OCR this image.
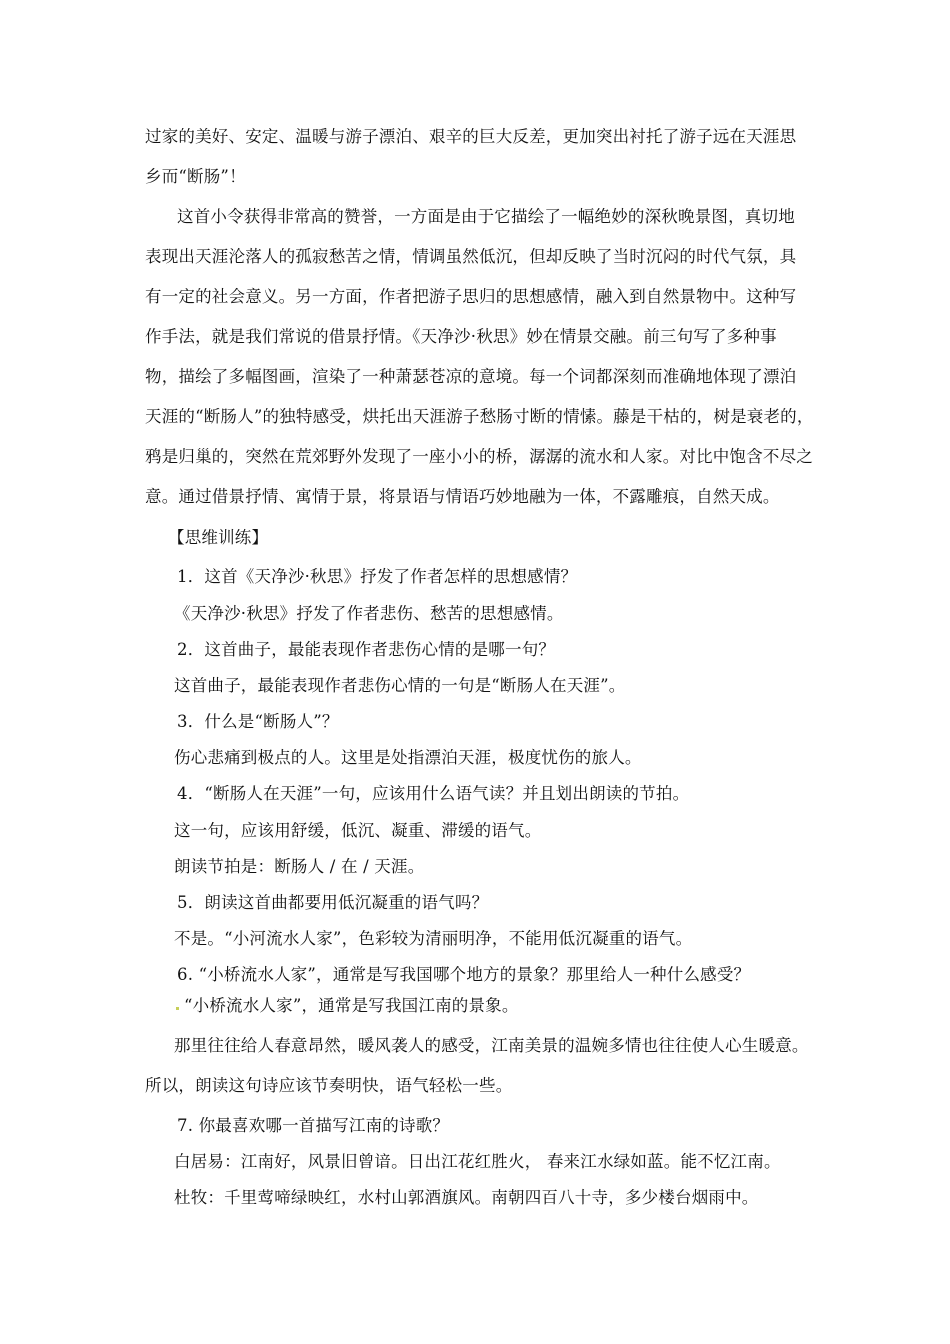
过家的美好、安定、温暖与游子漂泊、艰辛的巨大反差，更加突出衬托了游子远在天涯思

乡而“断肠”！

这首小令获得非常高的赞誉，一方面是由于它描绘了一幅绝妙的深秋晚景图，真切地

表现出天涯沦落人的孤寂愁苦之情，情调虽然低沉，但却反映了当时沉闷的时代气氛，具

有一定的社会意义。另一方面，作者把游子思归的思想感情，融入到自然景物中。这种写

作手法，就是我们常说的借景抒情。《天净沙·秋思》妙在情景交融。前三句写了多种事

物，描绘了多幅图画，渲染了一种萧瑟苍凉的意境。每一个词都深刻而准确地体现了漂泊

天涯的“断肠人”的独特感受，烘托出天涯游子愁肠寸断的情愫。藤是干枯的，树是衰老的，

鸦是归巢的，突然在荒郊野外发现了一座小小的桥，潺潺的流水和人家。对比中饱含不尽之

意。通过借景抒情、寓情于景，将景语与情语巧妙地融为一体，不露雕痕，自然天成。

【思维训练】

1．这首《天净沙·秋思》抒发了作者怎样的思想感情？

《天净沙·秋思》抒发了作者悲伤、愁苦的思想感情。

2．这首曲子，最能表现作者悲伤心情的是哪一句？

这首曲子，最能表现作者悲伤心情的一句是“断肠人在天涯”。

3．什么是“断肠人”？

伤心悲痛到极点的人。这里是处指漂泊天涯，极度忧伤的旅人。

4．“断肠人在天涯”一句，应该用什么语气读？并且划出朗读的节拍。

这一句，应该用舒缓，低沉、凝重、滞缓的语气。

朗读节拍是：断肠人 / 在 / 天涯。

5．朗读这首曲都要用低沉凝重的语气吗？

不是。“小河流水人家”，色彩较为清丽明净，不能用低沉凝重的语气。

6. “小桥流水人家”，通常是写我国哪个地方的景象？那里给人一种什么感受？

“小桥流水人家”，通常是写我国江南的景象。

那里往往给人春意昂然，暖风袭人的感受，江南美景的温婉多情也往往使人心生暖意。

所以，朗读这句诗应该节奏明快，语气轻松一些。

7. 你最喜欢哪一首描写江南的诗歌？

白居易：江南好，风景旧曾谙。日出江花红胜火， 春来江水绿如蓝。能不忆江南。

杜牧：千里莺啼绿映红，水村山郭酒旗风。南朝四百八十寺，多少楼台烟雨中。
